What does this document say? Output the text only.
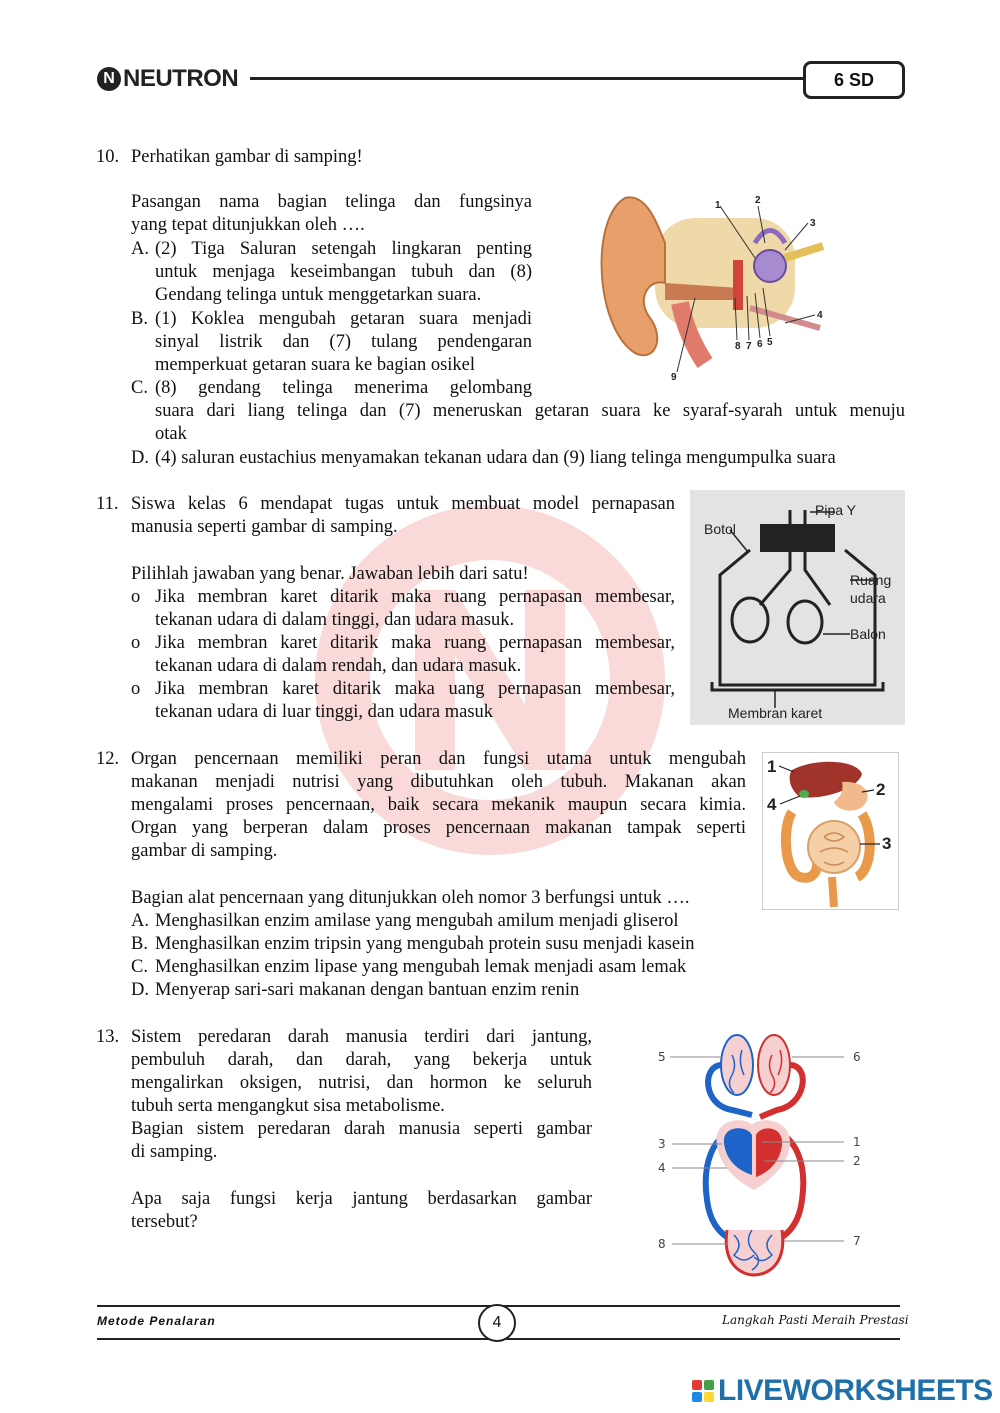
N NEUTRON	6 SD
10. Perhatikan gambar di samping!
Pasangan nama bagian telinga dan fungsinya
yang tepat ditunjukkan oleh ….
A. (2) Tiga Saluran setengah lingkaran penting
untuk menjaga keseimbangan tubuh dan (8)
Gendang telinga untuk menggetarkan suara.
B. (1) Koklea mengubah getaran suara menjadi
sinyal listrik dan (7) tulang pendengaran
memperkuat getaran suara ke bagian osikel
C. (8) gendang telinga menerima gelombang
suara dari liang telinga dan (7) meneruskan getaran suara ke syaraf-syarah untuk menuju
otak
D. (4) saluran eustachius menyamakan tekanan udara dan (9) liang telinga mengumpulka suara
1	2
3
4
8 7 6 5
9
11. Siswa kelas 6 mendapat tugas untuk membuat model pernapasan
manusia seperti gambar di samping.
Pilihlah jawaban yang benar. Jawaban lebih dari satu!
o Jika membran karet ditarik maka ruang pernapasan membesar,
tekanan udara di dalam tinggi, dan udara masuk.
o Jika membran karet ditarik maka ruang pernapasan membesar,
tekanan udara di dalam rendah, dan udara masuk.
o Jika membran karet ditarik maka uang pernapasan membesar,
tekanan udara di luar tinggi, dan udara masuk
Pipa Y
Botol
Ruang
udara
Balon
Membran karet
12. Organ pencernaan memiliki peran dan fungsi utama untuk mengubah
makanan menjadi nutrisi yang dibutuhkan oleh tubuh. Makanan akan
mengalami proses pencernaan, baik secara mekanik maupun secara kimia.
Organ yang berperan dalam proses pencernaan makanan tampak seperti
gambar di samping.
Bagian alat pencernaan yang ditunjukkan oleh nomor 3 berfungsi untuk ….
A. Menghasilkan enzim amilase yang mengubah amilum menjadi gliserol
B. Menghasilkan enzim tripsin yang mengubah protein susu menjadi kasein
C. Menghasilkan enzim lipase yang mengubah lemak menjadi asam lemak
D. Menyerap sari-sari makanan dengan bantuan enzim renin
1
2
4
3
13. Sistem peredaran darah manusia terdiri dari jantung,
pembuluh darah, dan darah, yang bekerja untuk
mengalirkan oksigen, nutrisi, dan hormon ke seluruh
tubuh serta mengangkut sisa metabolisme.
Bagian sistem peredaran darah manusia seperti gambar
di samping.
Apa saja fungsi kerja jantung berdasarkan gambar
tersebut?
5	6
3	1
4	2
8	7
Metode Penalaran	4	Langkah Pasti Meraih Prestasi
LIVEWORKSHEETS
